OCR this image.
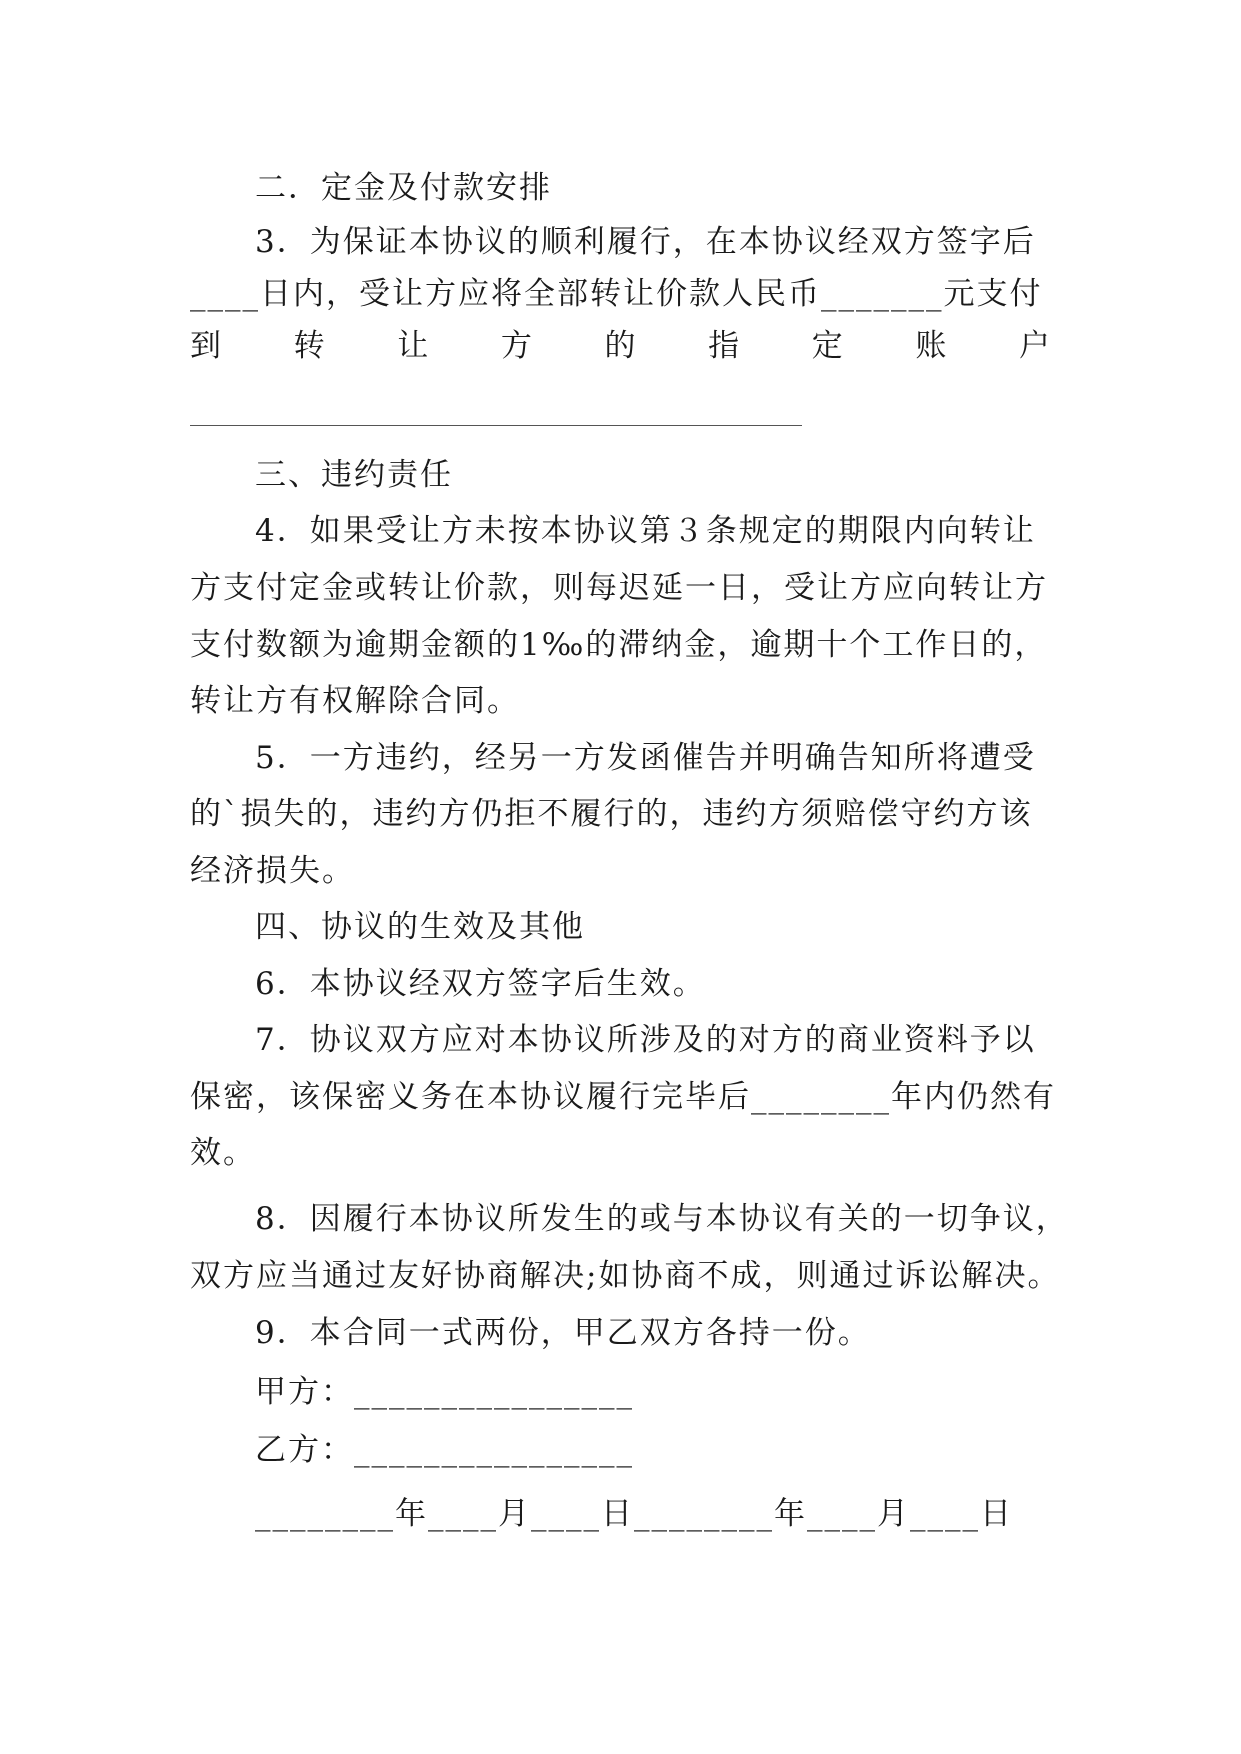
二．定金及付款安排
3．为保证本协议的顺利履行，在本协议经双方签字后
____日内，受让方应将全部转让价款人民币_______元支付
到 转 让 方 的 指 定 账 户
三、违约责任
4．如果受让方未按本协议第３条规定的期限内向转让
方支付定金或转让价款，则每迟延一日，受让方应向转让方
支付数额为逾期金额的1‰的滞纳金，逾期十个工作日的，
转让方有权解除合同。
5．一方违约，经另一方发函催告并明确告知所将遭受
的`损失的，违约方仍拒不履行的，违约方须赔偿守约方该
经济损失。
四、协议的生效及其他
6．本协议经双方签字后生效。
7．协议双方应对本协议所涉及的对方的商业资料予以
保密，该保密义务在本协议履行完毕后________年内仍然有
效。
8．因履行本协议所发生的或与本协议有关的一切争议，
双方应当通过友好协商解决;如协商不成，则通过诉讼解决。
9．本合同一式两份，甲乙双方各持一份。
甲方：________________
乙方：________________
________年____月____日________年____月____日
